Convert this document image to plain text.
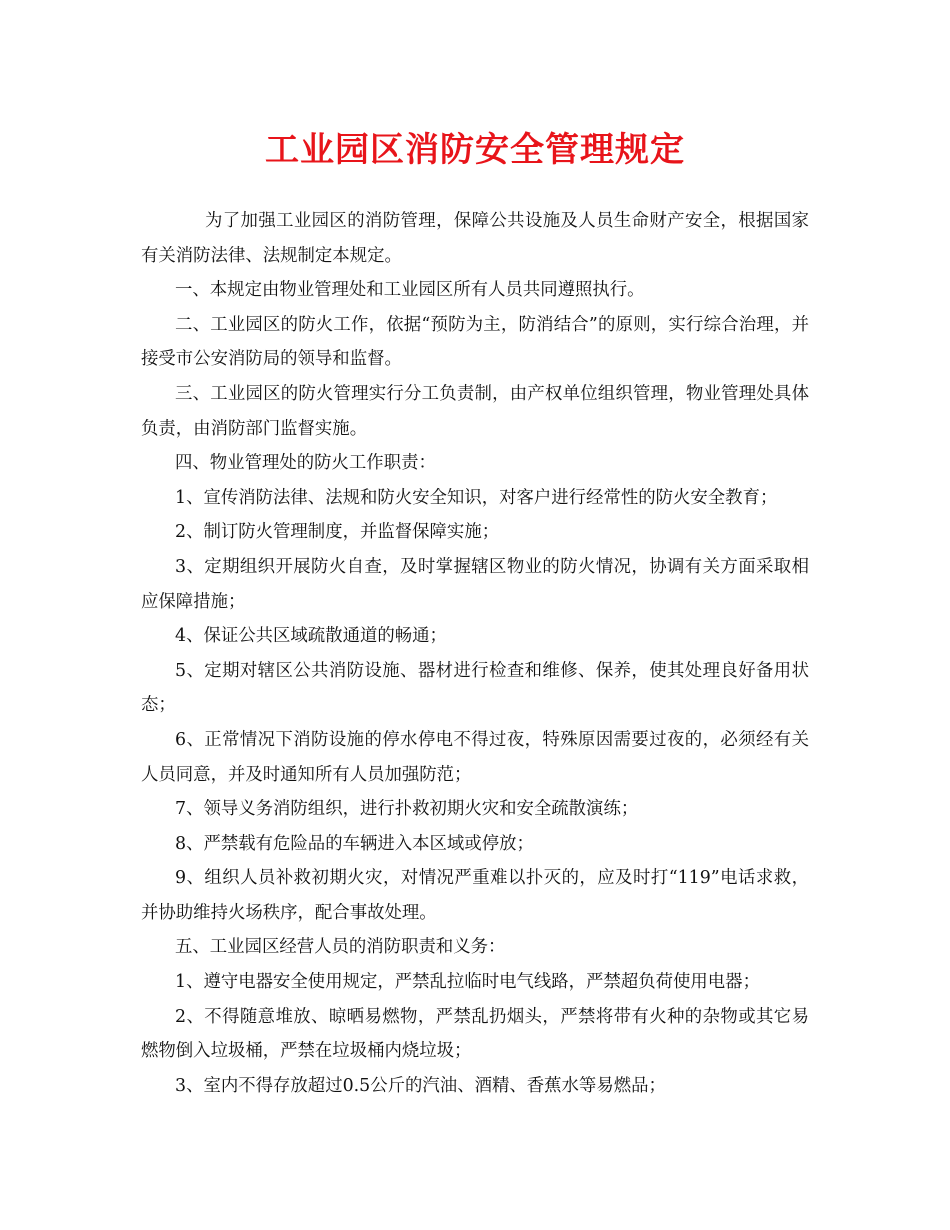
工业园区消防安全管理规定

为了加强工业园区的消防管理，保障公共设施及人员生命财产安全，根据国家有关消防法律、法规制定本规定。

一、本规定由物业管理处和工业园区所有人员共同遵照执行。

二、工业园区的防火工作，依据“预防为主，防消结合”的原则，实行综合治理，并接受市公安消防局的领导和监督。

三、工业园区的防火管理实行分工负责制，由产权单位组织管理，物业管理处具体负责，由消防部门监督实施。

四、物业管理处的防火工作职责：

1、宣传消防法律、法规和防火安全知识，对客户进行经常性的防火安全教育；

2、制订防火管理制度，并监督保障实施；

3、定期组织开展防火自查，及时掌握辖区物业的防火情况，协调有关方面采取相应保障措施；

4、保证公共区域疏散通道的畅通；

5、定期对辖区公共消防设施、器材进行检查和维修、保养，使其处理良好备用状态；

6、正常情况下消防设施的停水停电不得过夜，特殊原因需要过夜的，必须经有关人员同意，并及时通知所有人员加强防范；

7、领导义务消防组织，进行扑救初期火灾和安全疏散演练；

8、严禁载有危险品的车辆进入本区域或停放；

9、组织人员补救初期火灾，对情况严重难以扑灭的，应及时打“119”电话求救，并协助维持火场秩序，配合事故处理。

五、工业园区经营人员的消防职责和义务：

1、遵守电器安全使用规定，严禁乱拉临时电气线路，严禁超负荷使用电器；

2、不得随意堆放、晾晒易燃物，严禁乱扔烟头，严禁将带有火种的杂物或其它易燃物倒入垃圾桶，严禁在垃圾桶内烧垃圾；

3、室内不得存放超过0.5公斤的汽油、酒精、香蕉水等易燃品；
